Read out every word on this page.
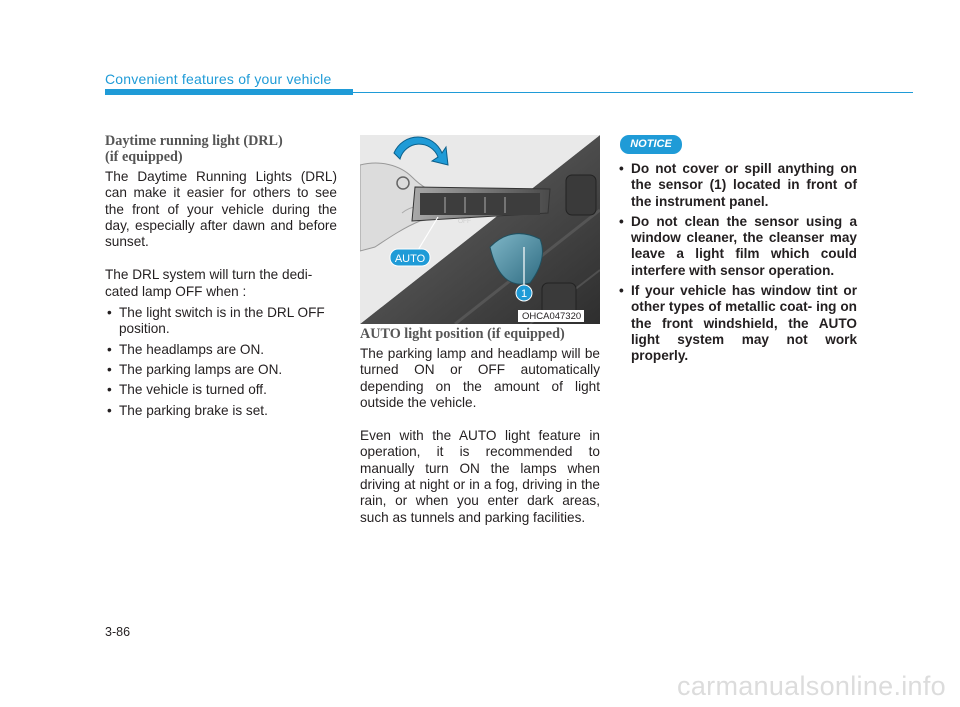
Convenient features of your vehicle

Daytime running light (DRL)
(if equipped)

The Daytime Running Lights (DRL) can make it easier for others to see the front of your vehicle during the day, especially after dawn and before sunset.

The DRL system will turn the dedi- cated lamp OFF when :

• The light switch is in the DRL OFF position.
• The headlamps are ON.
• The parking lamps are ON.
• The vehicle is turned off.
• The parking brake is set.
OFF
AUTO
1
OHCA047320

AUTO light position (if equipped)

The parking lamp and headlamp will be turned ON or OFF automatically depending on the amount of light outside the vehicle.

Even with the AUTO light feature in operation, it is recommended to manually turn ON the lamps when driving at night or in a fog, driving in the rain, or when you enter dark areas, such as tunnels and parking facilities.

NOTICE
• Do not cover or spill anything on the sensor (1) located in front of the instrument panel.
• Do not clean the sensor using a window cleaner, the cleanser may leave a light film which could interfere with sensor operation.
• If your vehicle has window tint or other types of metallic coat- ing on the front windshield, the AUTO light system may not work properly.
3-86
carmanualsonline.info
